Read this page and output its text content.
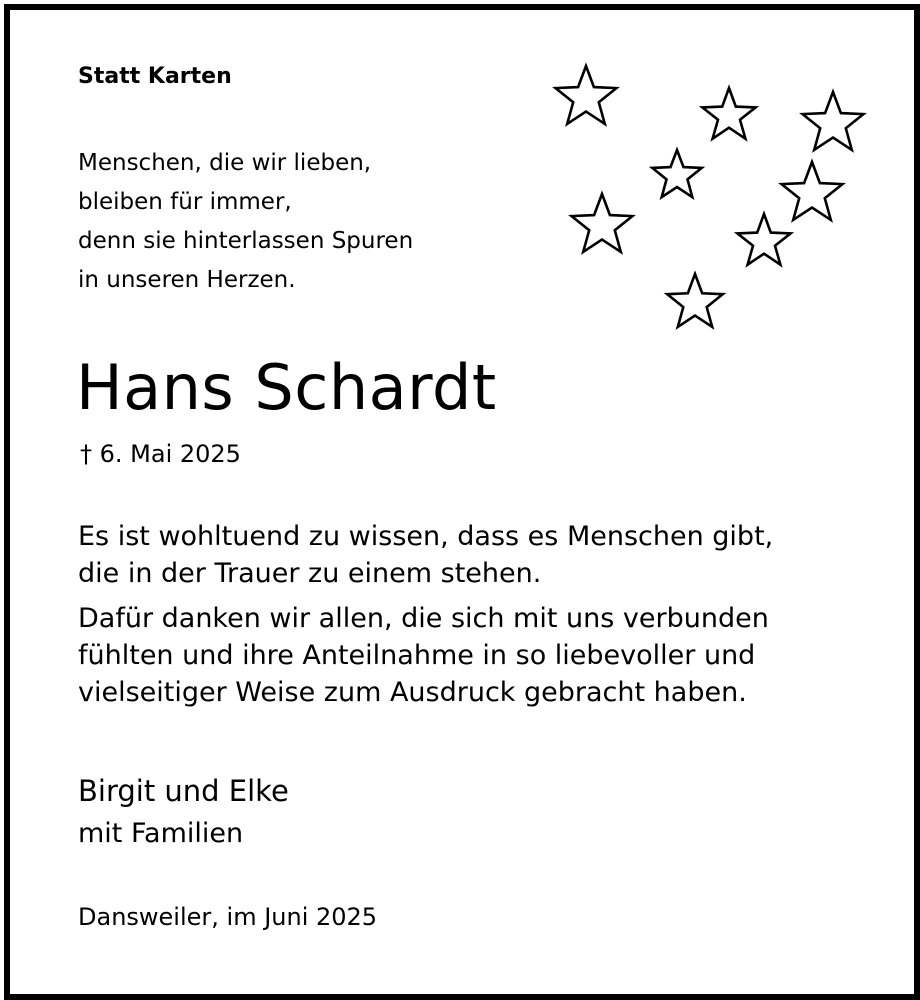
Statt Karten
Menschen, die wir lieben,
bleiben für immer,
denn sie hinterlassen Spuren
in unseren Herzen.
Hans Schardt
† 6. Mai 2025
Es ist wohltuend zu wissen, dass es Menschen gibt,
die in der Trauer zu einem stehen.
Dafür danken wir allen, die sich mit uns verbunden
fühlten und ihre Anteilnahme in so liebevoller und
vielseitiger Weise zum Ausdruck gebracht haben.
Birgit und Elke
mit Familien
Dansweiler, im Juni 2025
